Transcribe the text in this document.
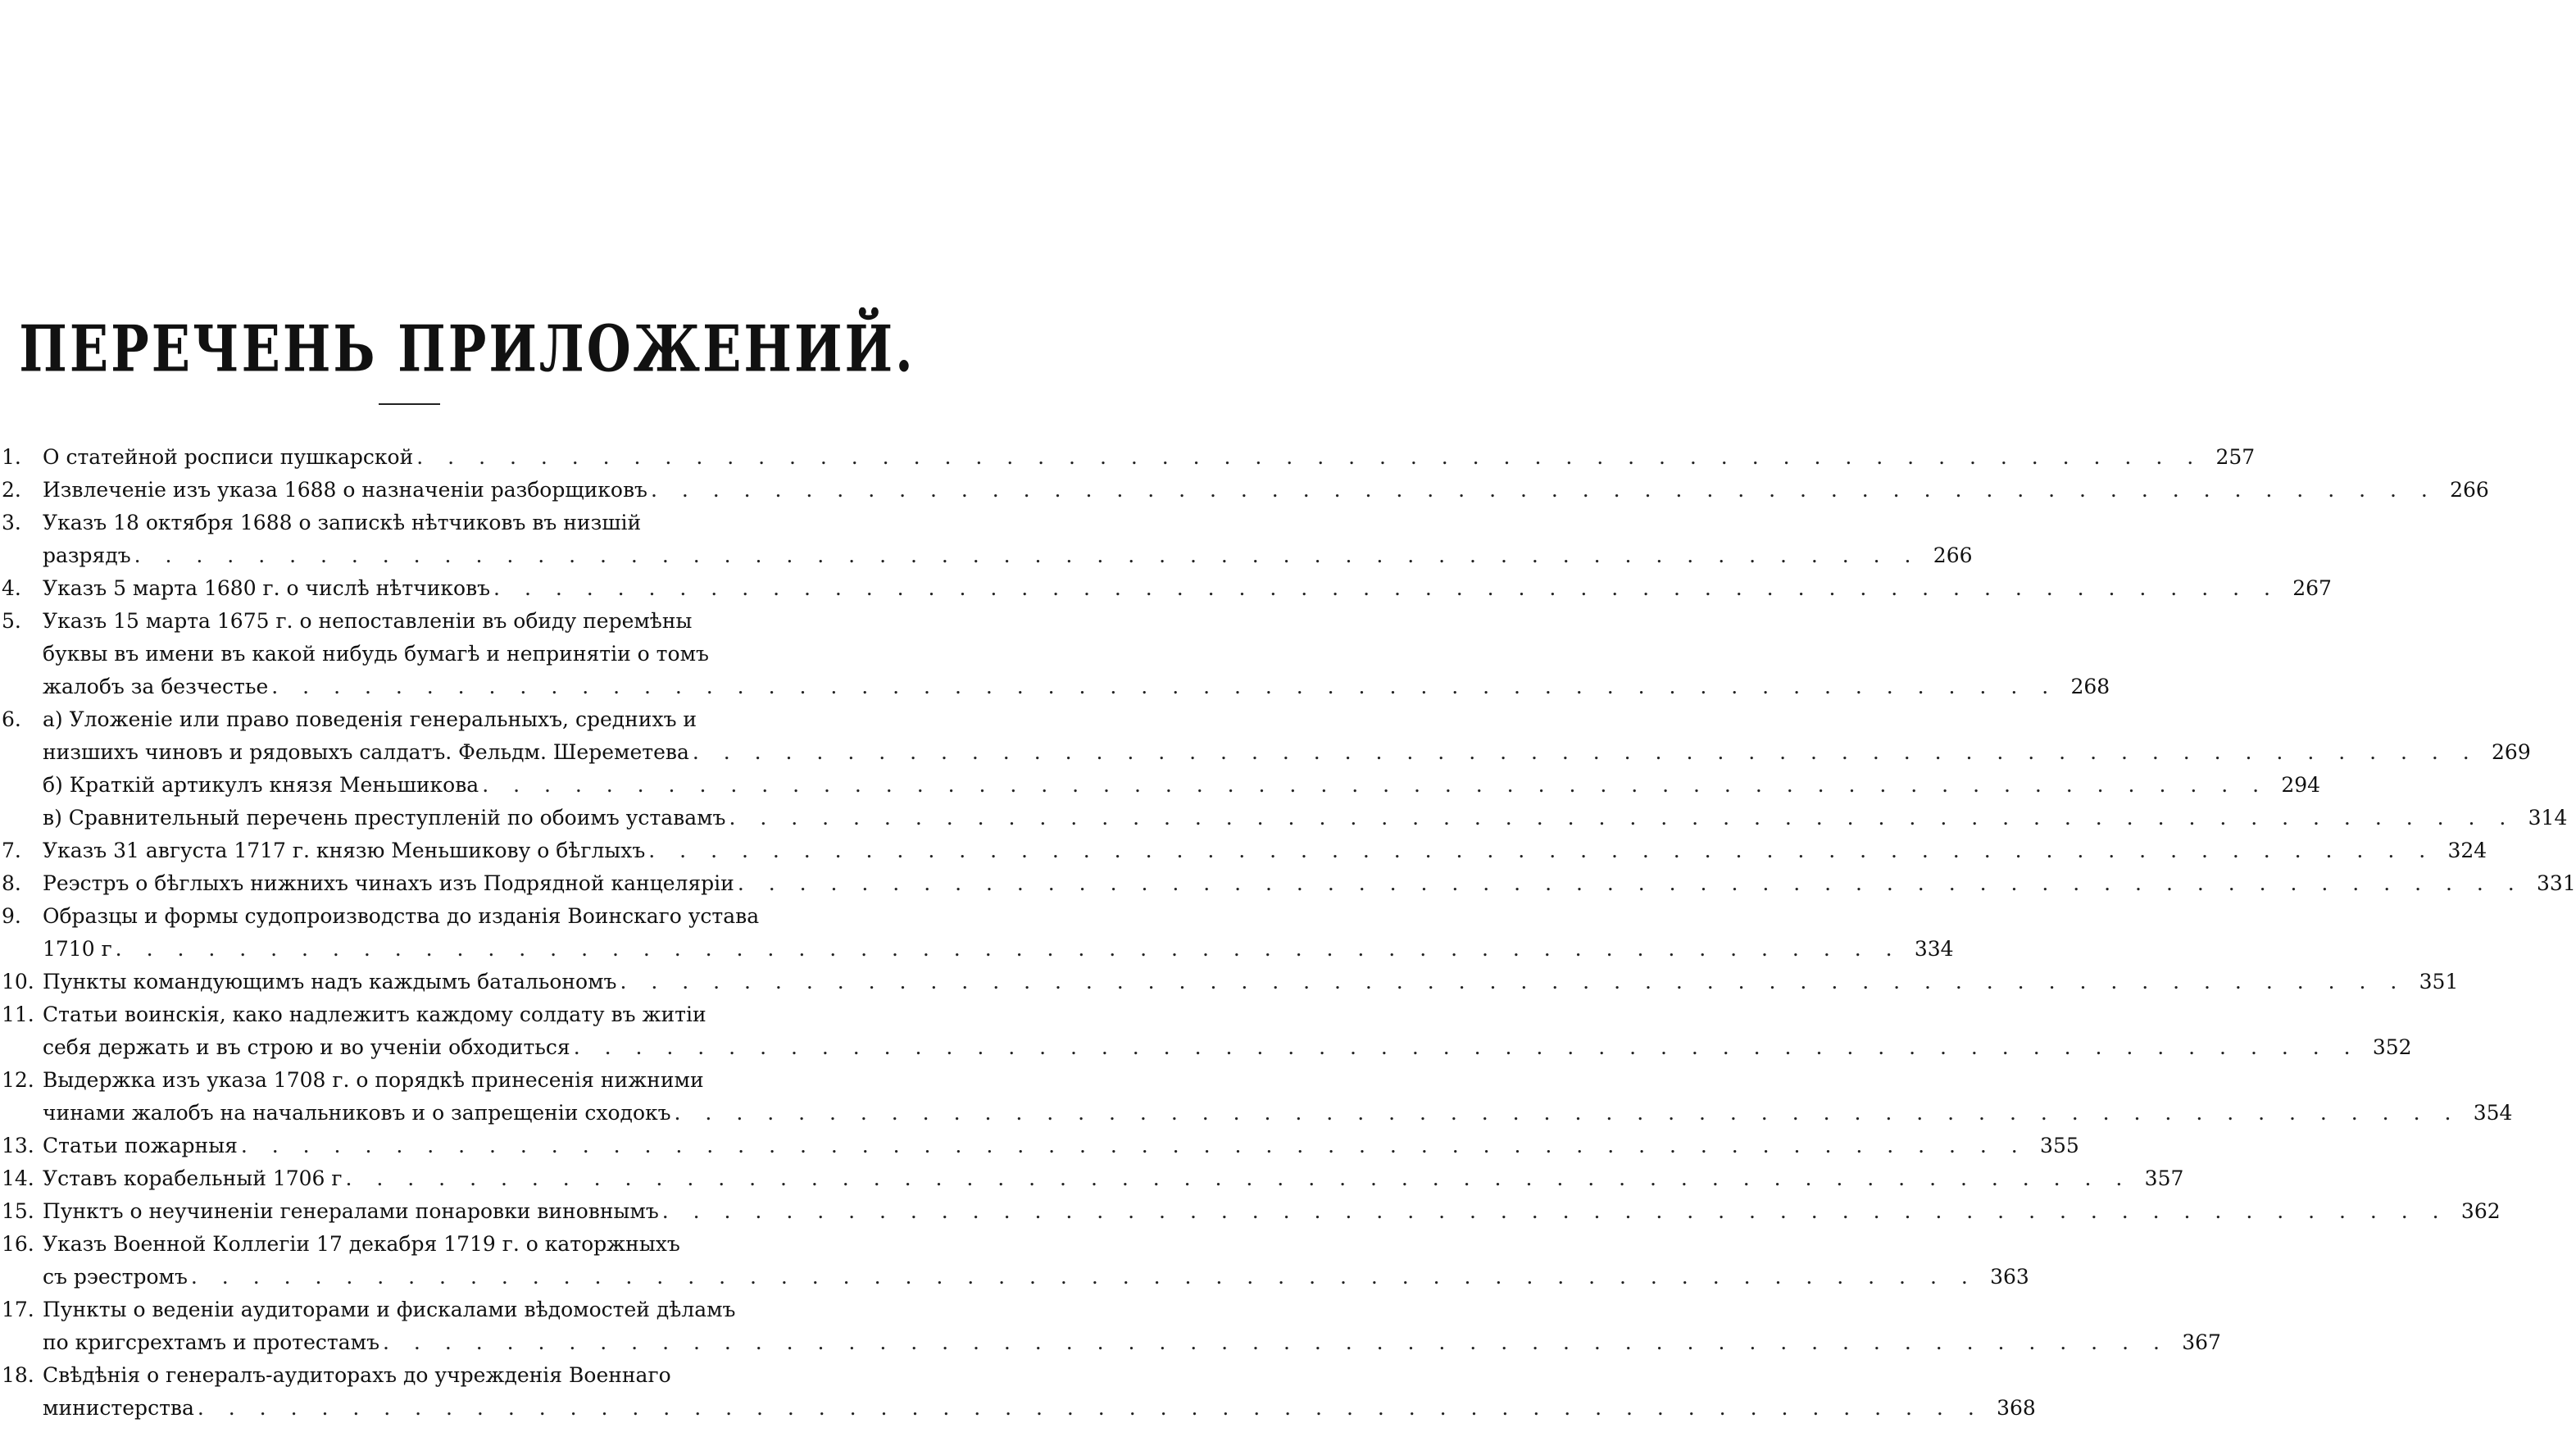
ПЕРЕЧЕНЬ ПРИЛОЖЕНИЙ.
1.	О статейной росписи пушкарской . . . . . . . . . . . . . . . . . . . . . . . . . . . . . . . . . . . . . . . . . . . . . . . . . . . . . . . . . . 257
2.	Извлеченіе изъ указа 1688 о назначеніи разборщиковъ . . . . . . . . . . . . . . . . . . . . . . . . . . . . . . . . . . . . . . . . . . . . . . . . . . . . . . . . . . 266
3.	Указъ 18 октября 1688 о запискѣ нѣтчиковъ въ низшій
разрядъ . . . . . . . . . . . . . . . . . . . . . . . . . . . . . . . . . . . . . . . . . . . . . . . . . . . . . . . . . . 266
4.	Указъ 5 марта 1680 г. о числѣ нѣтчиковъ . . . . . . . . . . . . . . . . . . . . . . . . . . . . . . . . . . . . . . . . . . . . . . . . . . . . . . . . . . 267
5.	Указъ 15 марта 1675 г. о непоставленіи въ обиду перемѣны
буквы въ имени въ какой нибудь бумагѣ и непринятіи о томъ
жалобъ за безчестье . . . . . . . . . . . . . . . . . . . . . . . . . . . . . . . . . . . . . . . . . . . . . . . . . . . . . . . . . . 268
6.	а) Уложеніе или право поведенія генеральныхъ, среднихъ и
низшихъ чиновъ и рядовыхъ салдатъ. Фельдм. Шереметева . . . . . . . . . . . . . . . . . . . . . . . . . . . . . . . . . . . . . . . . . . . . . . . . . . . . . . . . . . 269
б) Краткій артикулъ князя Меньшикова . . . . . . . . . . . . . . . . . . . . . . . . . . . . . . . . . . . . . . . . . . . . . . . . . . . . . . . . . . 294
в) Сравнительный перечень преступленій по обоимъ уставамъ . . . . . . . . . . . . . . . . . . . . . . . . . . . . . . . . . . . . . . . . . . . . . . . . . . . . . . . . . . 314
7.	Указъ 31 августа 1717 г. князю Меньшикову о бѣглыхъ . . . . . . . . . . . . . . . . . . . . . . . . . . . . . . . . . . . . . . . . . . . . . . . . . . . . . . . . . . 324
8.	Реэстръ о бѣглыхъ нижнихъ чинахъ изъ Подрядной канцеляріи . . . . . . . . . . . . . . . . . . . . . . . . . . . . . . . . . . . . . . . . . . . . . . . . . . . . . . . . . . 331
9.	Образцы и формы судопроизводства до изданія Воинскаго устава
1710 г . . . . . . . . . . . . . . . . . . . . . . . . . . . . . . . . . . . . . . . . . . . . . . . . . . . . . . . . . . 334
10. Пункты командующимъ надъ каждымъ батальономъ . . . . . . . . . . . . . . . . . . . . . . . . . . . . . . . . . . . . . . . . . . . . . . . . . . . . . . . . . . 351
11. Статьи воинскія, како надлежитъ каждому солдату въ житіи
себя держать и въ строю и во ученіи обходиться . . . . . . . . . . . . . . . . . . . . . . . . . . . . . . . . . . . . . . . . . . . . . . . . . . . . . . . . . . 352
12. Выдержка изъ указа 1708 г. о порядкѣ принесенія нижними
чинами жалобъ на начальниковъ и о запрещеніи сходокъ . . . . . . . . . . . . . . . . . . . . . . . . . . . . . . . . . . . . . . . . . . . . . . . . . . . . . . . . . . 354
13. Статьи пожарныя . . . . . . . . . . . . . . . . . . . . . . . . . . . . . . . . . . . . . . . . . . . . . . . . . . . . . . . . . . 355
14. Уставъ корабельный 1706 г . . . . . . . . . . . . . . . . . . . . . . . . . . . . . . . . . . . . . . . . . . . . . . . . . . . . . . . . . . 357
15. Пунктъ о неучиненіи генералами понаровки виновнымъ . . . . . . . . . . . . . . . . . . . . . . . . . . . . . . . . . . . . . . . . . . . . . . . . . . . . . . . . . . 362
16. Указъ Военной Коллегіи 17 декабря 1719 г. о каторжныхъ
съ рэестромъ . . . . . . . . . . . . . . . . . . . . . . . . . . . . . . . . . . . . . . . . . . . . . . . . . . . . . . . . . . 363
17. Пункты о веденіи аудиторами и фискалами вѣдомостей дѣламъ
по кригсрехтамъ и протестамъ . . . . . . . . . . . . . . . . . . . . . . . . . . . . . . . . . . . . . . . . . . . . . . . . . . . . . . . . . . 367
18. Свѣдѣнія о генералъ-аудиторахъ до учрежденія Военнаго
министерства . . . . . . . . . . . . . . . . . . . . . . . . . . . . . . . . . . . . . . . . . . . . . . . . . . . . . . . . . . 368
